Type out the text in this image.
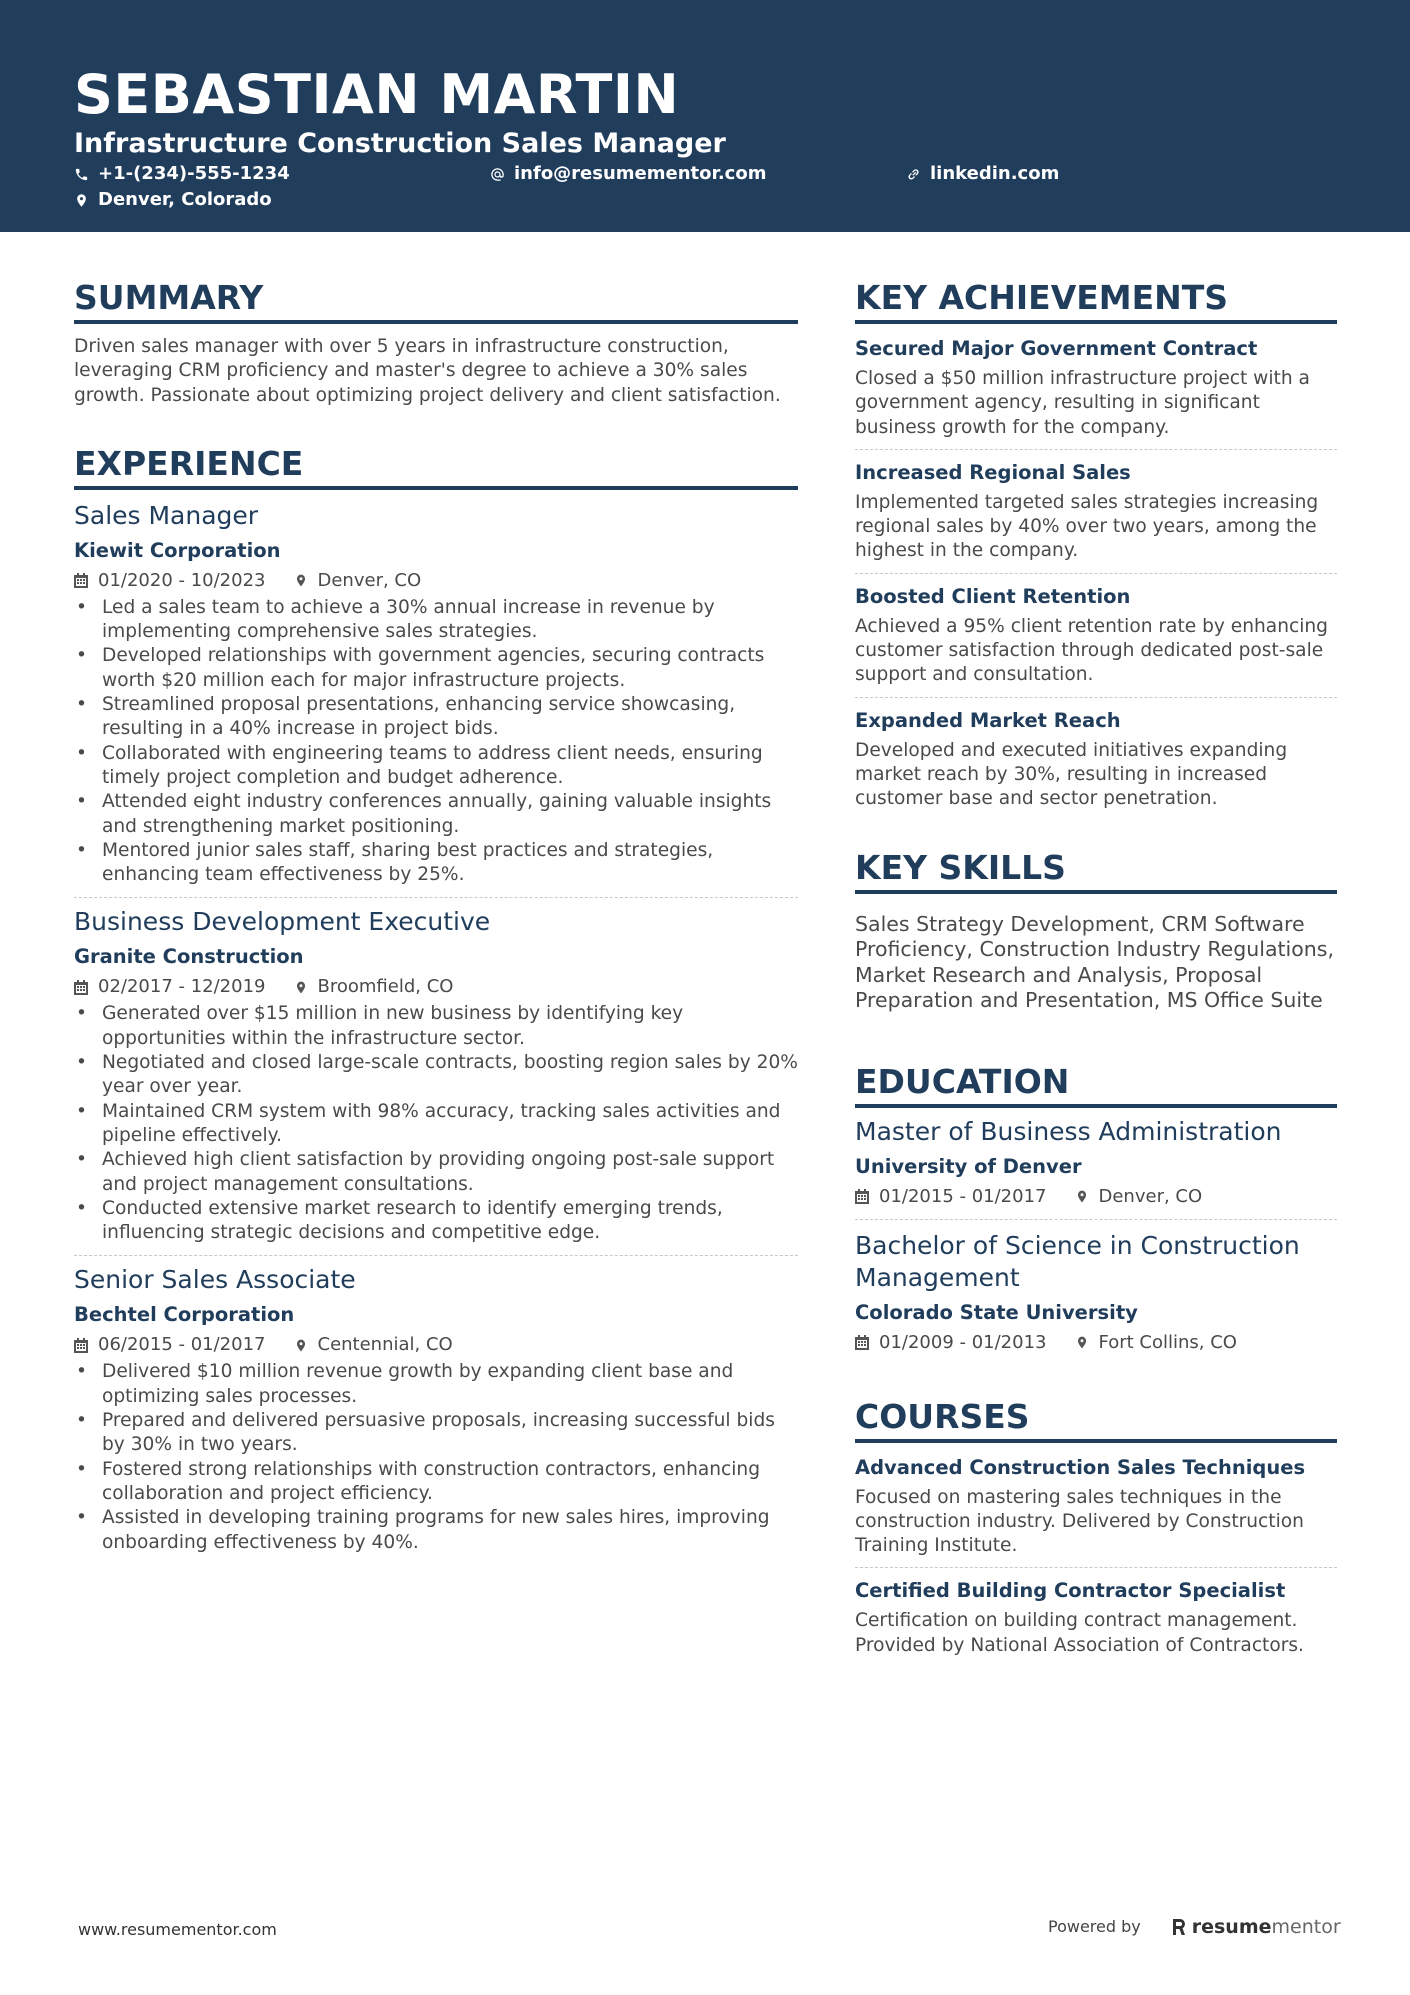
SEBASTIAN MARTIN
Infrastructure Construction Sales Manager
+1-(234)-555-1234	info@resumementor.com	linkedin.com
Denver, Colorado
SUMMARY
Driven sales manager with over 5 years in infrastructure construction, leveraging CRM proficiency and master's degree to achieve a 30% sales growth. Passionate about optimizing project delivery and client satisfaction.
EXPERIENCE
Sales Manager
Kiewit Corporation
01/2020 - 10/2023	Denver, CO
• Led a sales team to achieve a 30% annual increase in revenue by implementing comprehensive sales strategies.
• Developed relationships with government agencies, securing contracts worth $20 million each for major infrastructure projects.
• Streamlined proposal presentations, enhancing service showcasing, resulting in a 40% increase in project bids.
• Collaborated with engineering teams to address client needs, ensuring timely project completion and budget adherence.
• Attended eight industry conferences annually, gaining valuable insights and strengthening market positioning.
• Mentored junior sales staff, sharing best practices and strategies, enhancing team effectiveness by 25%.
Business Development Executive
Granite Construction
02/2017 - 12/2019	Broomfield, CO
• Generated over $15 million in new business by identifying key opportunities within the infrastructure sector.
• Negotiated and closed large-scale contracts, boosting region sales by 20% year over year.
• Maintained CRM system with 98% accuracy, tracking sales activities and pipeline effectively.
• Achieved high client satisfaction by providing ongoing post-sale support and project management consultations.
• Conducted extensive market research to identify emerging trends, influencing strategic decisions and competitive edge.
Senior Sales Associate
Bechtel Corporation
06/2015 - 01/2017	Centennial, CO
• Delivered $10 million revenue growth by expanding client base and optimizing sales processes.
• Prepared and delivered persuasive proposals, increasing successful bids by 30% in two years.
• Fostered strong relationships with construction contractors, enhancing collaboration and project efficiency.
• Assisted in developing training programs for new sales hires, improving onboarding effectiveness by 40%.
KEY ACHIEVEMENTS
Secured Major Government Contract
Closed a $50 million infrastructure project with a government agency, resulting in significant business growth for the company.
Increased Regional Sales
Implemented targeted sales strategies increasing regional sales by 40% over two years, among the highest in the company.
Boosted Client Retention
Achieved a 95% client retention rate by enhancing customer satisfaction through dedicated post-sale support and consultation.
Expanded Market Reach
Developed and executed initiatives expanding market reach by 30%, resulting in increased customer base and sector penetration.
KEY SKILLS
Sales Strategy Development, CRM Software Proficiency, Construction Industry Regulations, Market Research and Analysis, Proposal Preparation and Presentation, MS Office Suite
EDUCATION
Master of Business Administration
University of Denver
01/2015 - 01/2017	Denver, CO
Bachelor of Science in Construction Management
Colorado State University
01/2009 - 01/2013	Fort Collins, CO
COURSES
Advanced Construction Sales Techniques
Focused on mastering sales techniques in the construction industry. Delivered by Construction Training Institute.
Certified Building Contractor Specialist
Certification on building contract management. Provided by National Association of Contractors.
www.resumementor.com	Powered by	resume mentor
